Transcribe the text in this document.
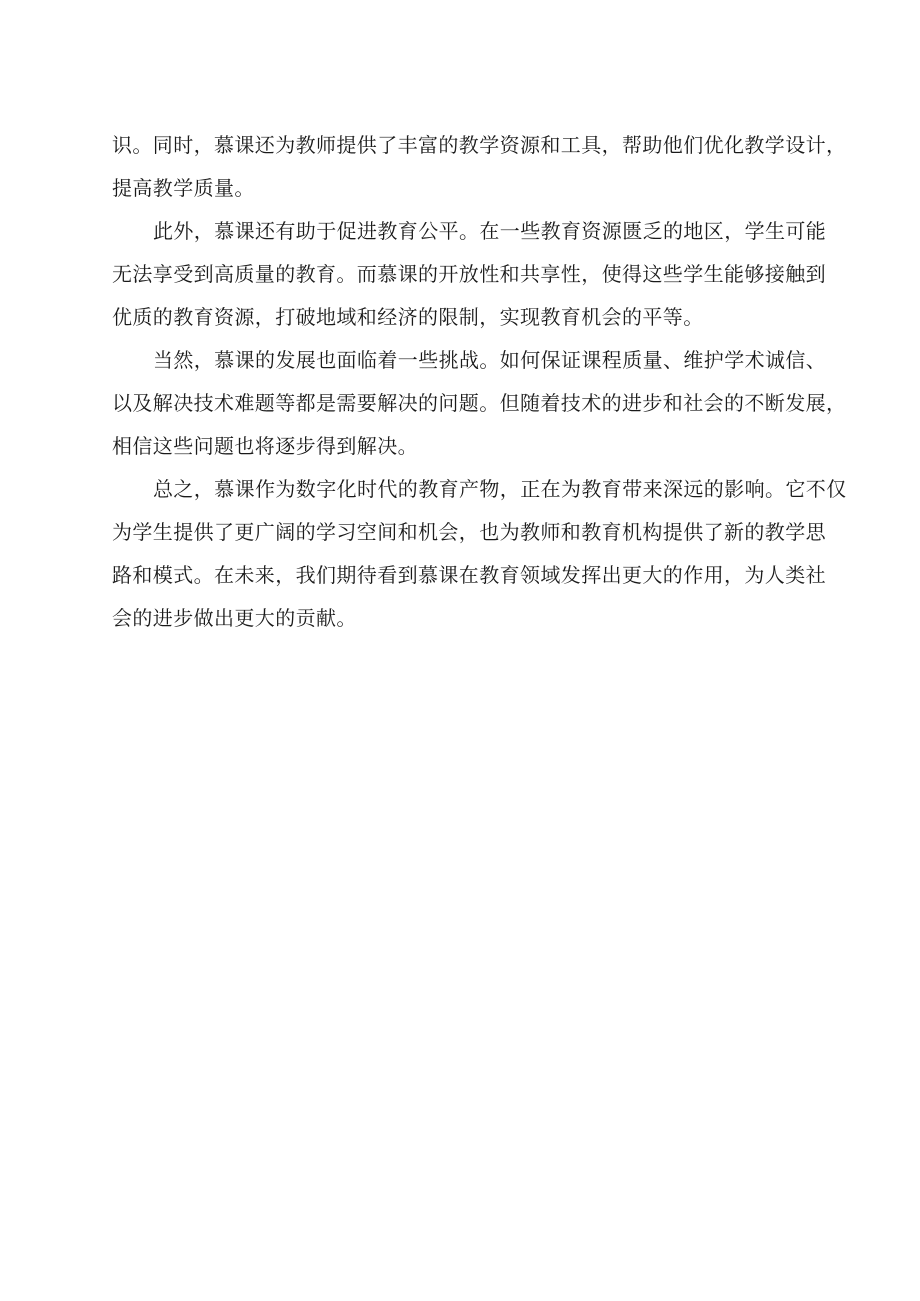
识。同时，慕课还为教师提供了丰富的教学资源和工具，帮助他们优化教学设计，
提高教学质量。
此外，慕课还有助于促进教育公平。在一些教育资源匮乏的地区，学生可能
无法享受到高质量的教育。而慕课的开放性和共享性，使得这些学生能够接触到
优质的教育资源，打破地域和经济的限制，实现教育机会的平等。
当然，慕课的发展也面临着一些挑战。如何保证课程质量、维护学术诚信、
以及解决技术难题等都是需要解决的问题。但随着技术的进步和社会的不断发展，
相信这些问题也将逐步得到解决。
总之，慕课作为数字化时代的教育产物，正在为教育带来深远的影响。它不仅
为学生提供了更广阔的学习空间和机会，也为教师和教育机构提供了新的教学思
路和模式。在未来，我们期待看到慕课在教育领域发挥出更大的作用，为人类社
会的进步做出更大的贡献。
